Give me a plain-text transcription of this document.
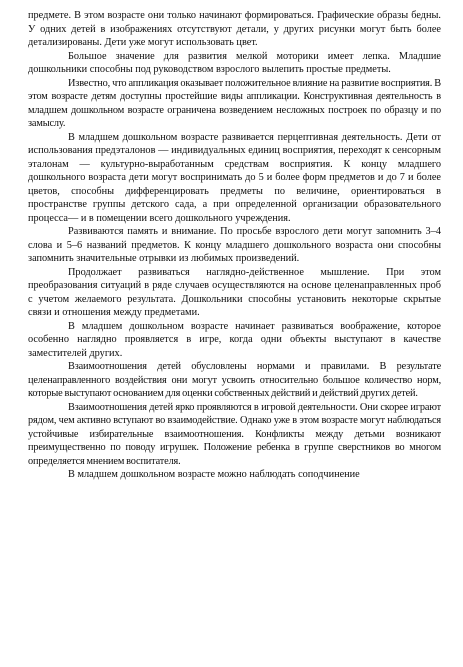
предмете. В этом возрасте они только начинают формироваться. Графические образы бедны. У одних детей в изображениях отсутствуют детали, у других рисунки могут быть более детализированы. Дети уже могут использовать цвет.

Большое значение для развития мелкой моторики имеет лепка. Младшие дошкольники способны под руководством взрослого вылепить простые предметы.

Известно, что аппликация оказывает положительное влияние на развитие восприятия. В этом возрасте детям доступны простейшие виды аппликации. Конструктивная деятельность в младшем дошкольном возрасте ограничена возведением несложных построек по образцу и по замыслу.

В младшем дошкольном возрасте развивается перцептивная деятельность. Дети от использования предэталонов — индивидуальных единиц восприятия, переходят к сенсорным эталонам — культурно-выработанным средствам восприятия. К концу младшего дошкольного возраста дети могут воспринимать до 5 и более форм предметов и до 7 и более цветов, способны дифференцировать предметы по величине, ориентироваться в пространстве группы детского сада, а при определенной организации образовательного процесса— и в помещении всего дошкольного учреждения.

Развиваются память и внимание. По просьбе взрослого дети могут запомнить 3–4 слова и 5–6 названий предметов. К концу младшего дошкольного возраста они способны запомнить значительные отрывки из любимых произведений.

Продолжает развиваться наглядно-действенное мышление. При этом преобразования ситуаций в ряде случаев осуществляются на основе целенаправленных проб с учетом желаемого результата. Дошкольники способны установить некоторые скрытые связи и отношения между предметами.

В младшем дошкольном возрасте начинает развиваться воображение, которое особенно наглядно проявляется в игре, когда одни объекты выступают в качестве заместителей других.

Взаимоотношения детей обусловлены нормами и правилами. В результате целенаправленного воздействия они могут усвоить относительно большое количество норм, которые выступают основанием для оценки собственных действий и действий других детей.

Взаимоотношения детей ярко проявляются в игровой деятельности. Они скорее играют рядом, чем активно вступают во взаимодействие. Однако уже в этом возрасте могут наблюдаться устойчивые избирательные взаимоотношения. Конфликты между детьми возникают преимущественно по поводу игрушек. Положение ребенка в группе сверстников во многом определяется мнением воспитателя.

В младшем дошкольном возрасте можно наблюдать соподчинение
